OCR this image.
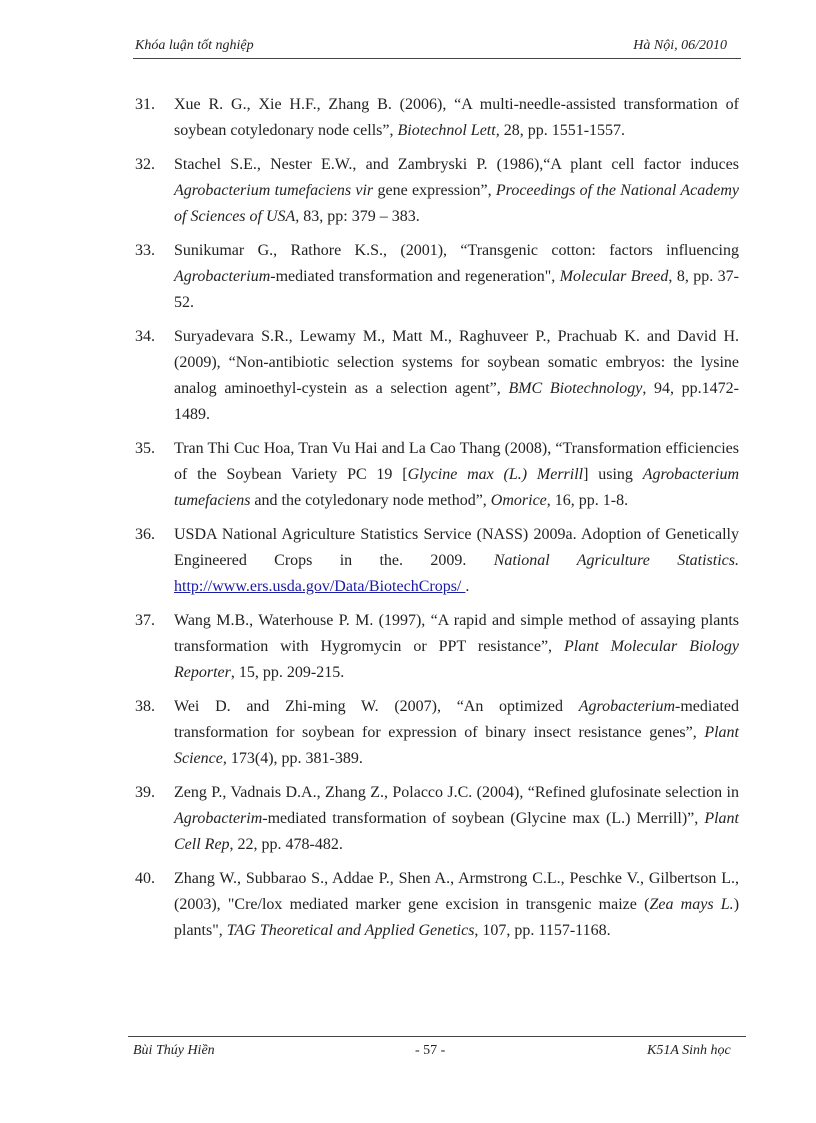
Khóa luận tốt nghiệp	Hà Nội, 06/2010
31. Xue R. G., Xie H.F., Zhang B. (2006), “A multi-needle-assisted transformation of soybean cotyledonary node cells”, Biotechnol Lett, 28, pp. 1551-1557.
32. Stachel S.E., Nester E.W., and Zambryski P. (1986),“A plant cell factor induces Agrobacterium tumefaciens vir gene expression”, Proceedings of the National Academy of Sciences of USA, 83, pp: 379 – 383.
33. Sunikumar G., Rathore K.S., (2001), “Transgenic cotton: factors influencing Agrobacterium-mediated transformation and regeneration", Molecular Breed, 8, pp. 37-52.
34. Suryadevara S.R., Lewamy M., Matt M., Raghuveer P., Prachuab K. and David H. (2009), “Non-antibiotic selection systems for soybean somatic embryos: the lysine analog aminoethyl-cystein as a selection agent”, BMC Biotechnology, 94, pp.1472-1489.
35. Tran Thi Cuc Hoa, Tran Vu Hai and La Cao Thang (2008), “Transformation efficiencies of the Soybean Variety PC 19 [Glycine max (L.) Merrill] using Agrobacterium tumefaciens and the cotyledonary node method”, Omorice, 16, pp. 1-8.
36. USDA National Agriculture Statistics Service (NASS) 2009a. Adoption of Genetically Engineered Crops in the. 2009. National Agriculture Statistics. http://www.ers.usda.gov/Data/BiotechCrops/ .
37. Wang M.B., Waterhouse P. M. (1997), “A rapid and simple method of assaying plants transformation with Hygromycin or PPT resistance”, Plant Molecular Biology Reporter, 15, pp. 209-215.
38. Wei D. and Zhi-ming W. (2007), “An optimized Agrobacterium-mediated transformation for soybean for expression of binary insect resistance genes”, Plant Science, 173(4), pp. 381-389.
39. Zeng P., Vadnais D.A., Zhang Z., Polacco J.C. (2004), “Refined glufosinate selection in Agrobacterim-mediated transformation of soybean (Glycine max (L.) Merrill)”, Plant Cell Rep, 22, pp. 478-482.
40. Zhang W., Subbarao S., Addae P., Shen A., Armstrong C.L., Peschke V., Gilbertson L., (2003), "Cre/lox mediated marker gene excision in transgenic maize (Zea mays L.) plants", TAG Theoretical and Applied Genetics, 107, pp. 1157-1168.
Bùi Thúy Hiền	- 57 -	K51A Sinh học
